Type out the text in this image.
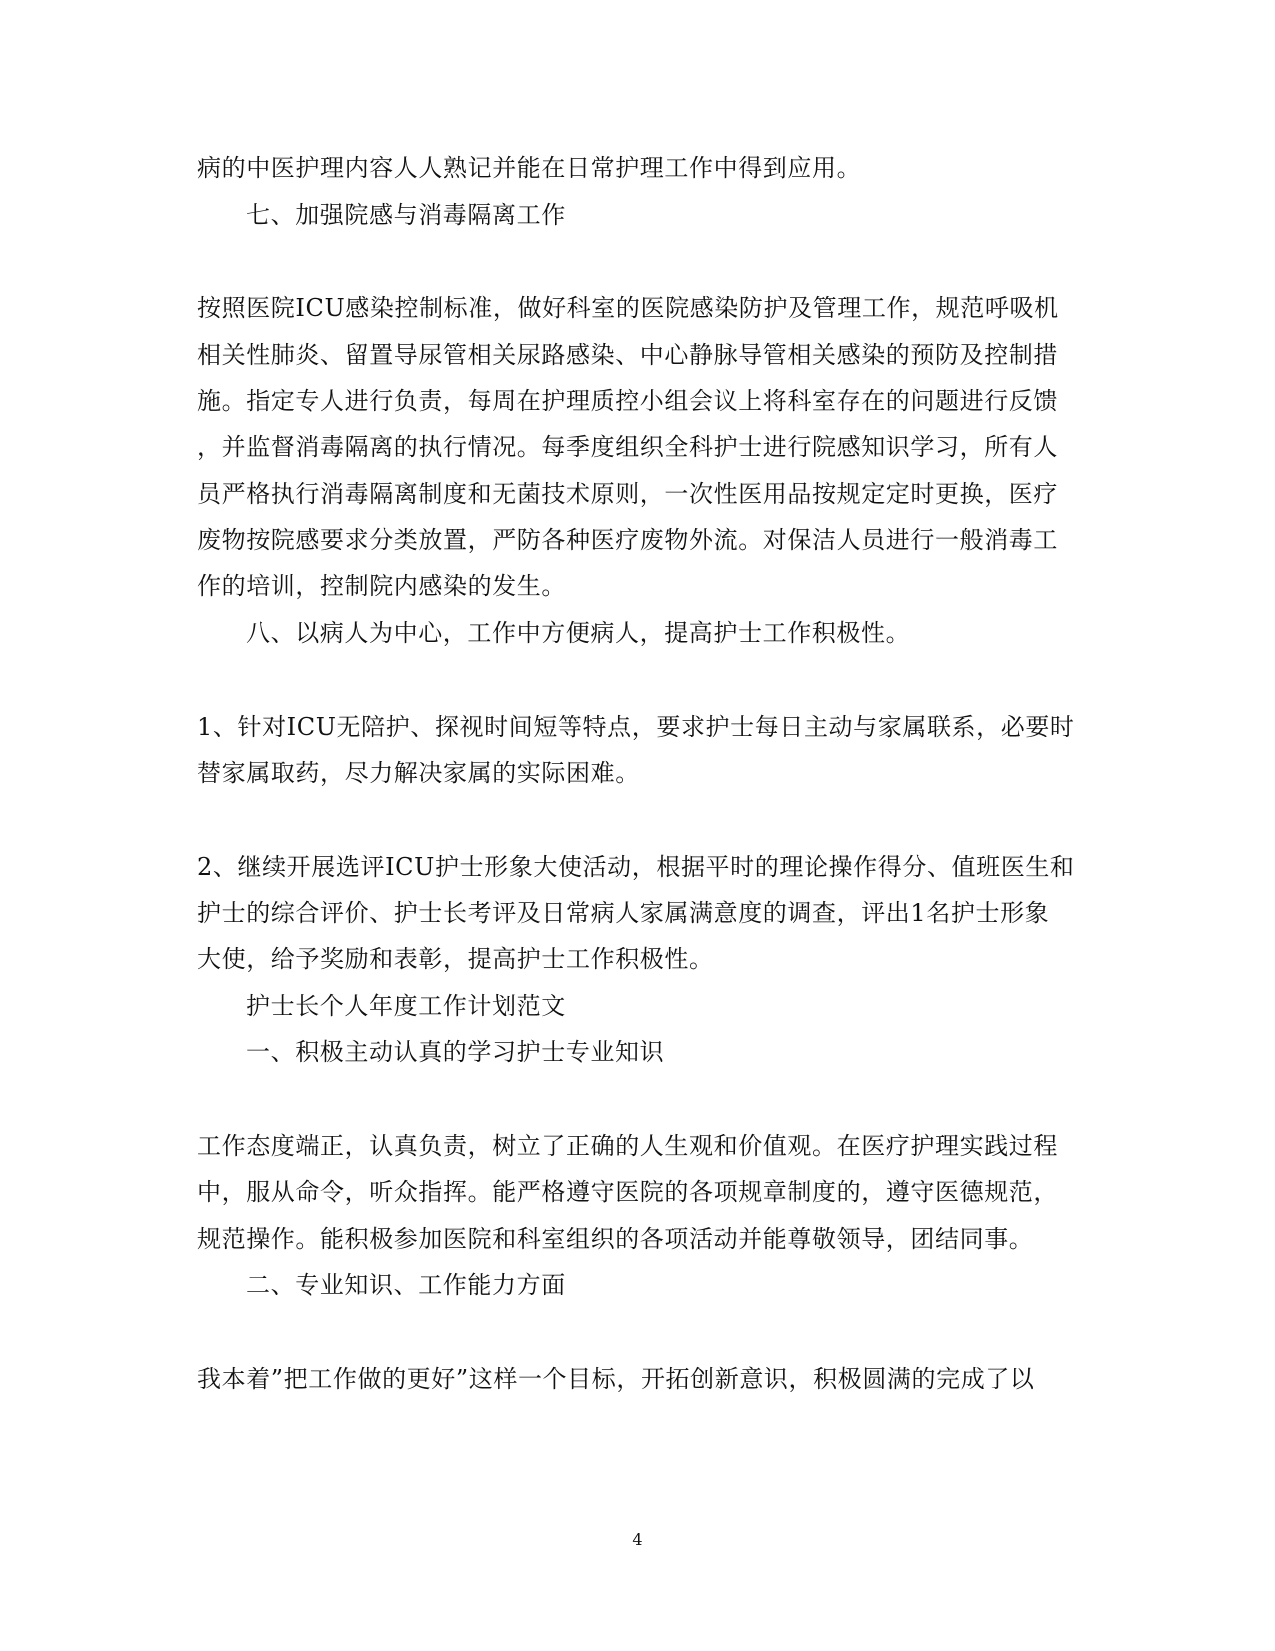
病的中医护理内容人人熟记并能在日常护理工作中得到应用。
七、加强院感与消毒隔离工作
按照医院ICU感染控制标准，做好科室的医院感染防护及管理工作，规范呼吸机
相关性肺炎、留置导尿管相关尿路感染、中心静脉导管相关感染的预防及控制措
施。指定专人进行负责，每周在护理质控小组会议上将科室存在的问题进行反馈
，并监督消毒隔离的执行情况。每季度组织全科护士进行院感知识学习，所有人
员严格执行消毒隔离制度和无菌技术原则，一次性医用品按规定定时更换，医疗
废物按院感要求分类放置，严防各种医疗废物外流。对保洁人员进行一般消毒工
作的培训，控制院内感染的发生。
八、以病人为中心，工作中方便病人，提高护士工作积极性。
1、针对ICU无陪护、探视时间短等特点，要求护士每日主动与家属联系，必要时
替家属取药，尽力解决家属的实际困难。
2、继续开展选评ICU护士形象大使活动，根据平时的理论操作得分、值班医生和
护士的综合评价、护士长考评及日常病人家属满意度的调查，评出1名护士形象
大使，给予奖励和表彰，提高护士工作积极性。
护士长个人年度工作计划范文
一、积极主动认真的学习护士专业知识
工作态度端正，认真负责，树立了正确的人生观和价值观。在医疗护理实践过程
中，服从命令，听众指挥。能严格遵守医院的各项规章制度的，遵守医德规范，
规范操作。能积极参加医院和科室组织的各项活动并能尊敬领导，团结同事。
二、专业知识、工作能力方面
我本着”把工作做的更好”这样一个目标，开拓创新意识，积极圆满的完成了以
4
